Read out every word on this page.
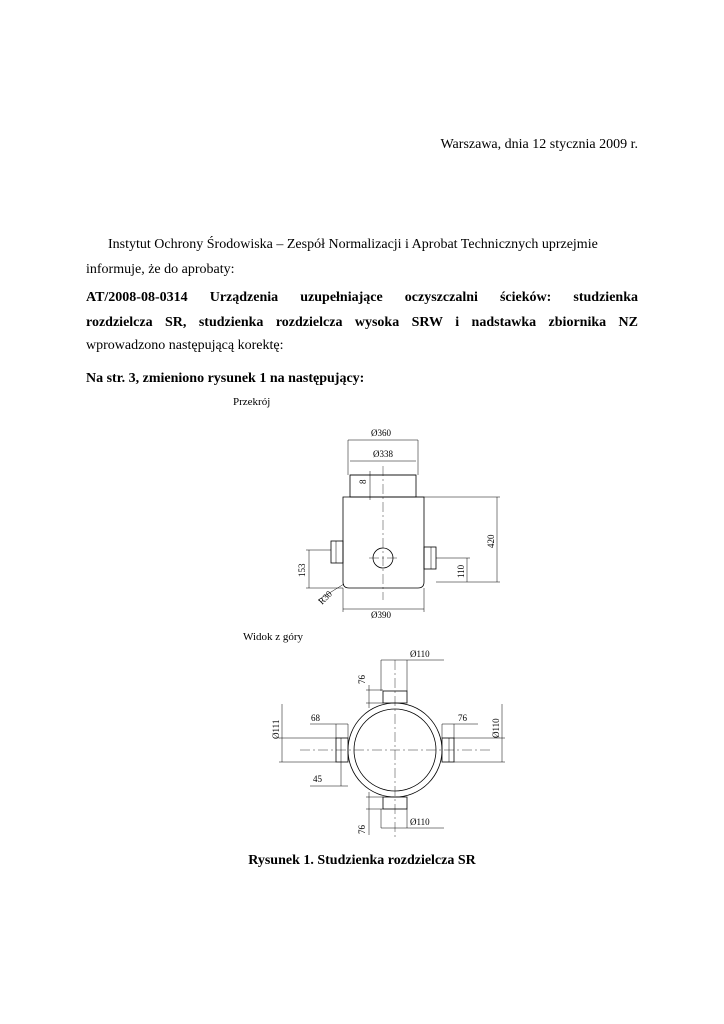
Warszawa, dnia 12 stycznia 2009 r.
Instytut Ochrony Środowiska – Zespół Normalizacji i Aprobat Technicznych uprzejmie
informuje, że do aprobaty:
AT/2008-08-0314 Urządzenia uzupełniające oczyszczalni ścieków: studzienka
rozdzielcza SR, studzienka rozdzielcza wysoka SRW i nadstawka zbiornika NZ
wprowadzono następującą korektę:
Na str. 3, zmieniono rysunek 1 na następujący:
Przekrój
Ø360
Ø338
8
420
110
153
R30
Ø390
Widok z góry
Ø110
76
Ø111
68	76
Ø110
45
76
Ø110
Rysunek 1. Studzienka rozdzielcza SR
